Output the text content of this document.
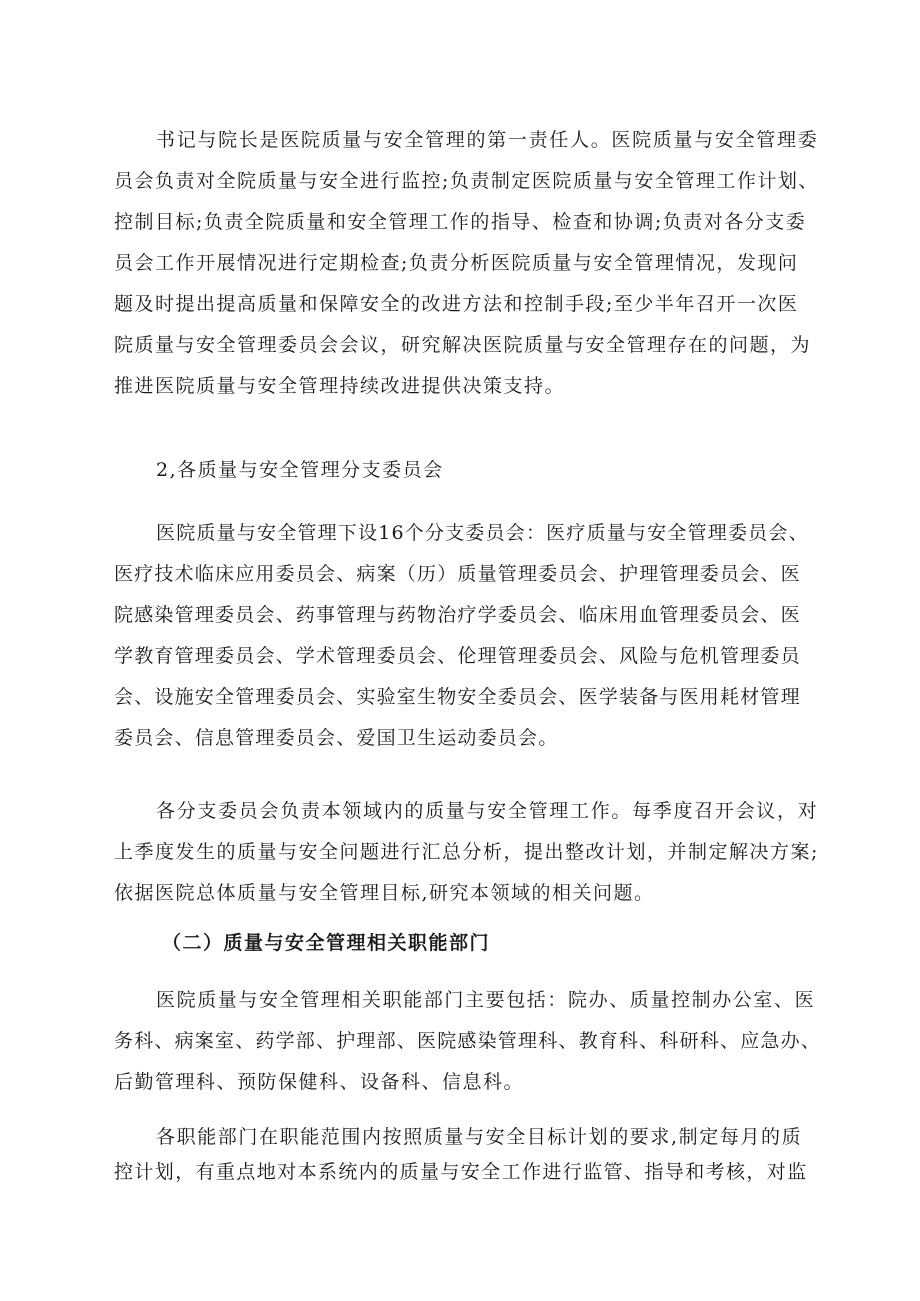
书记与院长是医院质量与安全管理的第一责任人。医院质量与安全管理委
员会负责对全院质量与安全进行监控;负责制定医院质量与安全管理工作计划、
控制目标;负责全院质量和安全管理工作的指导、检查和协调;负责对各分支委
员会工作开展情况进行定期检查;负责分析医院质量与安全管理情况，发现问
题及时提出提高质量和保障安全的改进方法和控制手段;至少半年召开一次医
院质量与安全管理委员会会议，研究解决医院质量与安全管理存在的问题，为
推进医院质量与安全管理持续改进提供决策支持。
2,各质量与安全管理分支委员会
医院质量与安全管理下设16个分支委员会：医疗质量与安全管理委员会、
医疗技术临床应用委员会、病案（历）质量管理委员会、护理管理委员会、医
院感染管理委员会、药事管理与药物治疗学委员会、临床用血管理委员会、医
学教育管理委员会、学术管理委员会、伦理管理委员会、风险与危机管理委员
会、设施安全管理委员会、实验室生物安全委员会、医学装备与医用耗材管理
委员会、信息管理委员会、爱国卫生运动委员会。
各分支委员会负责本领域内的质量与安全管理工作。每季度召开会议，对
上季度发生的质量与安全问题进行汇总分析，提出整改计划，并制定解决方案;
依据医院总体质量与安全管理目标,研究本领域的相关问题。
（二）质量与安全管理相关职能部门
医院质量与安全管理相关职能部门主要包括：院办、质量控制办公室、医
务科、病案室、药学部、护理部、医院感染管理科、教育科、科研科、应急办、
后勤管理科、预防保健科、设备科、信息科。
各职能部门在职能范围内按照质量与安全目标计划的要求,制定每月的质
控计划，有重点地对本系统内的质量与安全工作进行监管、指导和考核，对监
